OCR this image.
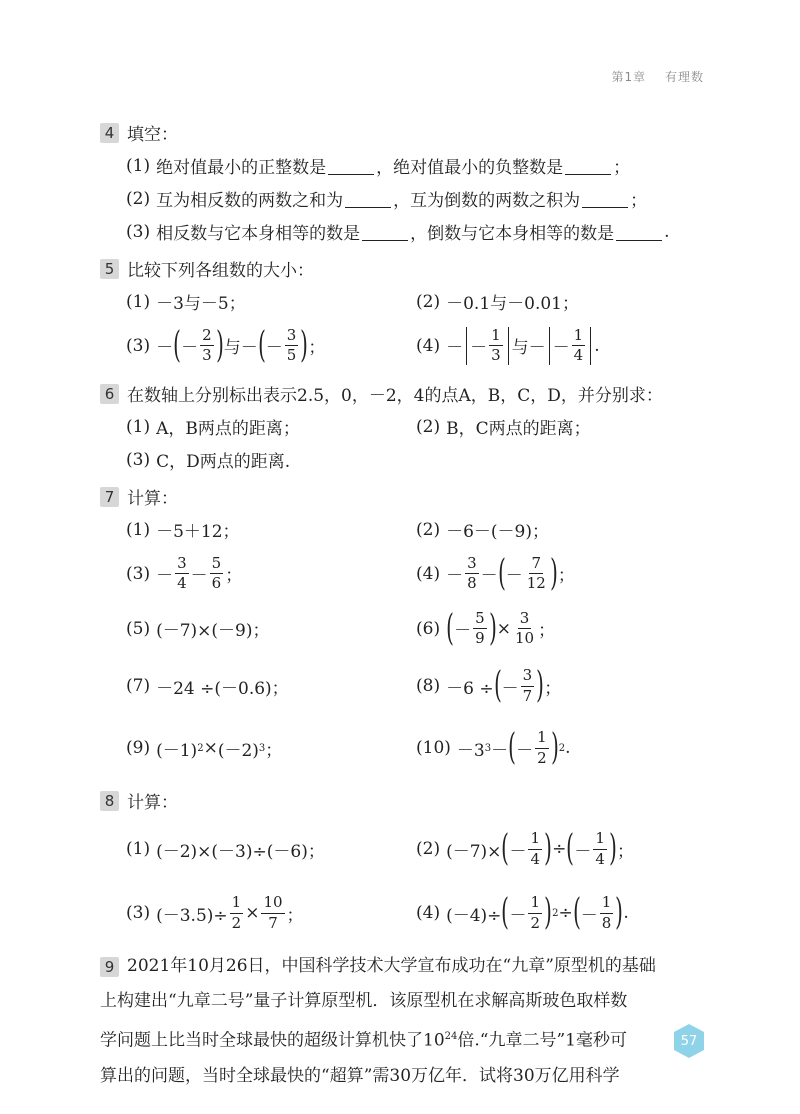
第1章 有理数
4 填空：
(1) 绝对值最小的正整数是	，绝对值最小的负整数是	；
(2) 互为相反数的两数之和为	，互为倒数的两数之积为	；
(3) 相反数与它本身相等的数是	，倒数与它本身相等的数是	.
5 比较下列各组数的大小：
(1) －3与－5；	(2) －0.1与－0.01；
(3) － ( － $\frac{2}{3}$ ) 与－ ( － $\frac{3}{5}$ ) ；	(4) － － $\frac{1}{3}$ 与－ － $\frac{1}{4}$ .
6 在数轴上分别标出表示2.5，0，－2，4的点A，B，C，D，并分别求：
(1) A，B两点的距离；	(2) B，C两点的距离；
(3) C，D两点的距离.
7 计算：
(1) －5＋12；	(2) －6－(－9)；
$(3) - \frac{3}{4} - \frac{5}{6}$ ；	$(4) - \frac{3}{8}$ － ( － $\frac{7}{12}$ ) ；
(5) (－7)×(－9)；	(6) ( － $\frac{5}{9}$ ) × $\frac{3}{10}$ ；
(7) －24 ÷(－0.6)；	(8) －6 ÷ ( － $\frac{3}{7}$ ) ；
(9) (－1) 2 × (－2) 3 ；	(10) －3 3 － ( － $\frac{1}{2}$ ) 2 .
8 计算：
(1) (－2)×(－3)÷(－6)；	(2) (－7)× ( － $\frac{1}{4}$ ) ÷ ( － $\frac{1}{4}$ ) ；
(3) $(-3.5)\div \frac{1}{2} \times \frac{10}{7}$ ；	(4) (－4)÷ ( － $\frac{1}{2}$ ) 2 ÷ ( － $\frac{1}{8}$ ) .

9 2021年10月26日，中国科学技术大学宣布成功在“九章”原型机的基础

上构建出“九章二号”量子计算原型机．该原型机在求解高斯玻色取样数

学问题上比当时全球最快的超级计算机快了$10^{24}$倍.“九章二号”1毫秒可

算出的问题，当时全球最快的“超算”需30万亿年．试将30万亿用科学

57
